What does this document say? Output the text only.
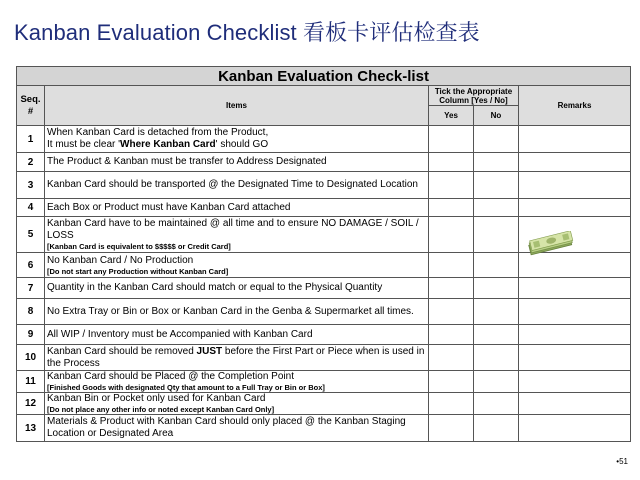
Kanban Evaluation Checklist 看板卡评估检查表
Kanban Evaluation Check-list				
Seq. #	Items	Tick the Appropriate Column [Yes / No]		Remarks
		Yes	No	
1	When Kanban Card is detached from the Product,
It must be clear 'Where Kanban Card' should GO			
2	The Product & Kanban must be transfer to Address Designated			
3	Kanban Card should be transported @ the Designated Time to Designated Location			
4	Each Box or Product must have Kanban Card attached			
5	Kanban Card have to be maintained @ all time and to ensure NO DAMAGE / SOIL / LOSS
[Kanban Card is equivalent to $$$$$ or Credit Card]			

6	No Kanban Card / No Production
[Do not start any Production without Kanban Card]			

7	Quantity in the Kanban Card should match or equal to the Physical Quantity			
8	No Extra Tray or Bin or Box or Kanban Card in the Genba & Supermarket all times.			
9	All WIP / Inventory must be Accompanied with Kanban Card			
10	Kanban Card should be removed JUST before the First Part or Piece when is used in the Process			
11	Kanban Card should be Placed @ the Completion Point
[Finished Goods with designated Qty that amount to a Full Tray or Bin or Box]			

12	Kanban Bin or Pocket only used for Kanban Card
[Do not place any other info or noted except Kanban Card Only]			

13	Materials & Product with Kanban Card should only placed @ the Kanban Staging Location or Designated Area			
•51
